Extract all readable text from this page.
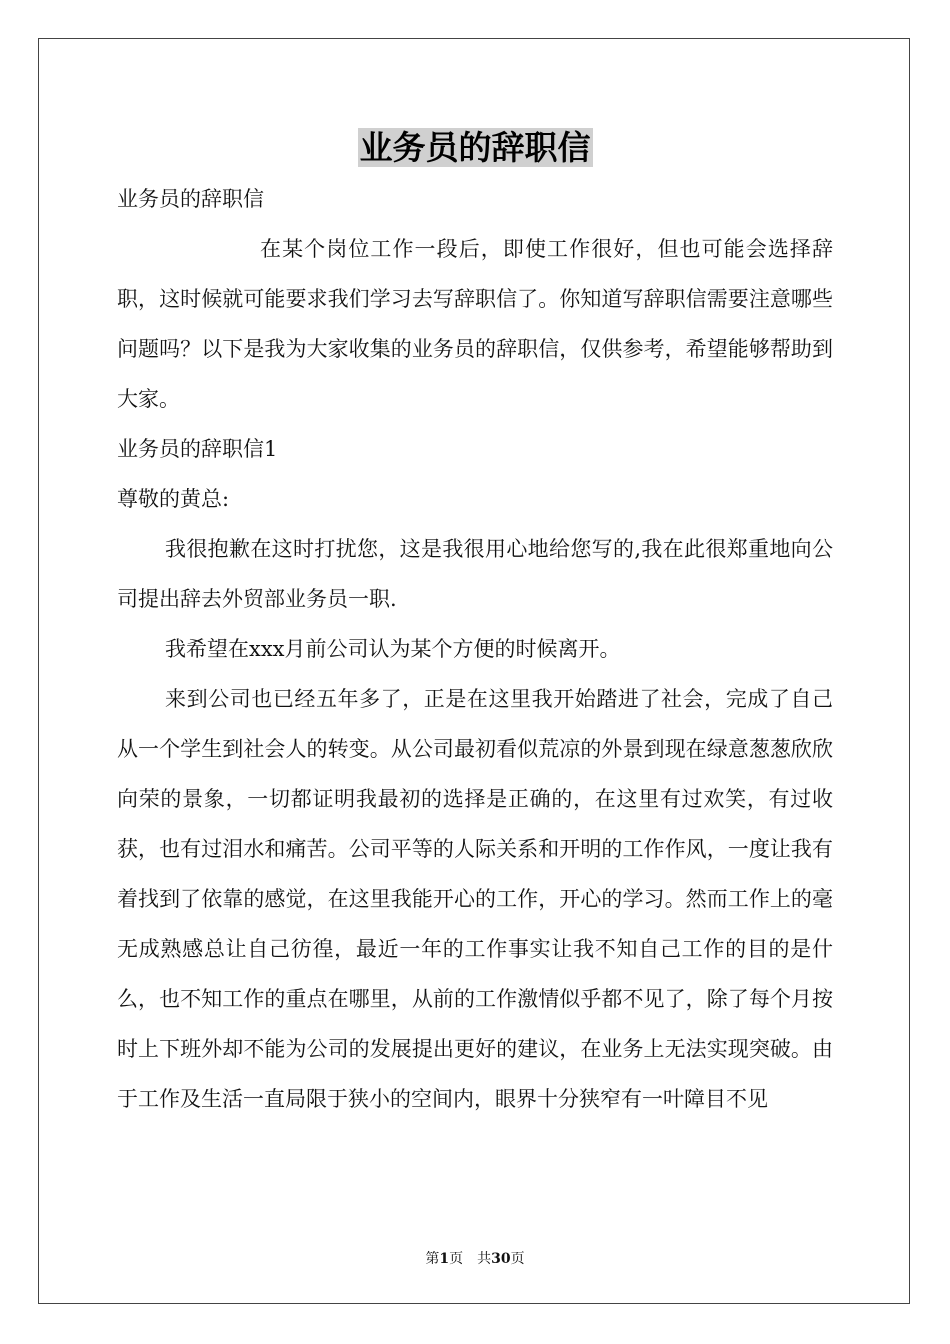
业务员的辞职信

业务员的辞职信

在某个岗位工作一段后，即使工作很好，但也可能会选择辞职，这时候就可能要求我们学习去写辞职信了。你知道写辞职信需要注意哪些问题吗？以下是我为大家收集的业务员的辞职信，仅供参考，希望能够帮助到大家。

业务员的辞职信1

尊敬的黄总:

我很抱歉在这时打扰您，这是我很用心地给您写的,我在此很郑重地向公司提出辞去外贸部业务员一职.

我希望在xxx月前公司认为某个方便的时候离开。

来到公司也已经五年多了，正是在这里我开始踏进了社会，完成了自己从一个学生到社会人的转变。从公司最初看似荒凉的外景到现在绿意葱葱欣欣向荣的景象，一切都证明我最初的选择是正确的，在这里有过欢笑，有过收获，也有过泪水和痛苦。公司平等的人际关系和开明的工作作风，一度让我有着找到了依靠的感觉，在这里我能开心的工作，开心的学习。然而工作上的毫无成熟感总让自己彷徨，最近一年的工作事实让我不知自己工作的目的是什么，也不知工作的重点在哪里，从前的工作激情似乎都不见了，除了每个月按时上下班外却不能为公司的发展提出更好的建议，在业务上无法实现突破。由于工作及生活一直局限于狭小的空间内，眼界十分狭窄有一叶障目不见

第1页　共30页
